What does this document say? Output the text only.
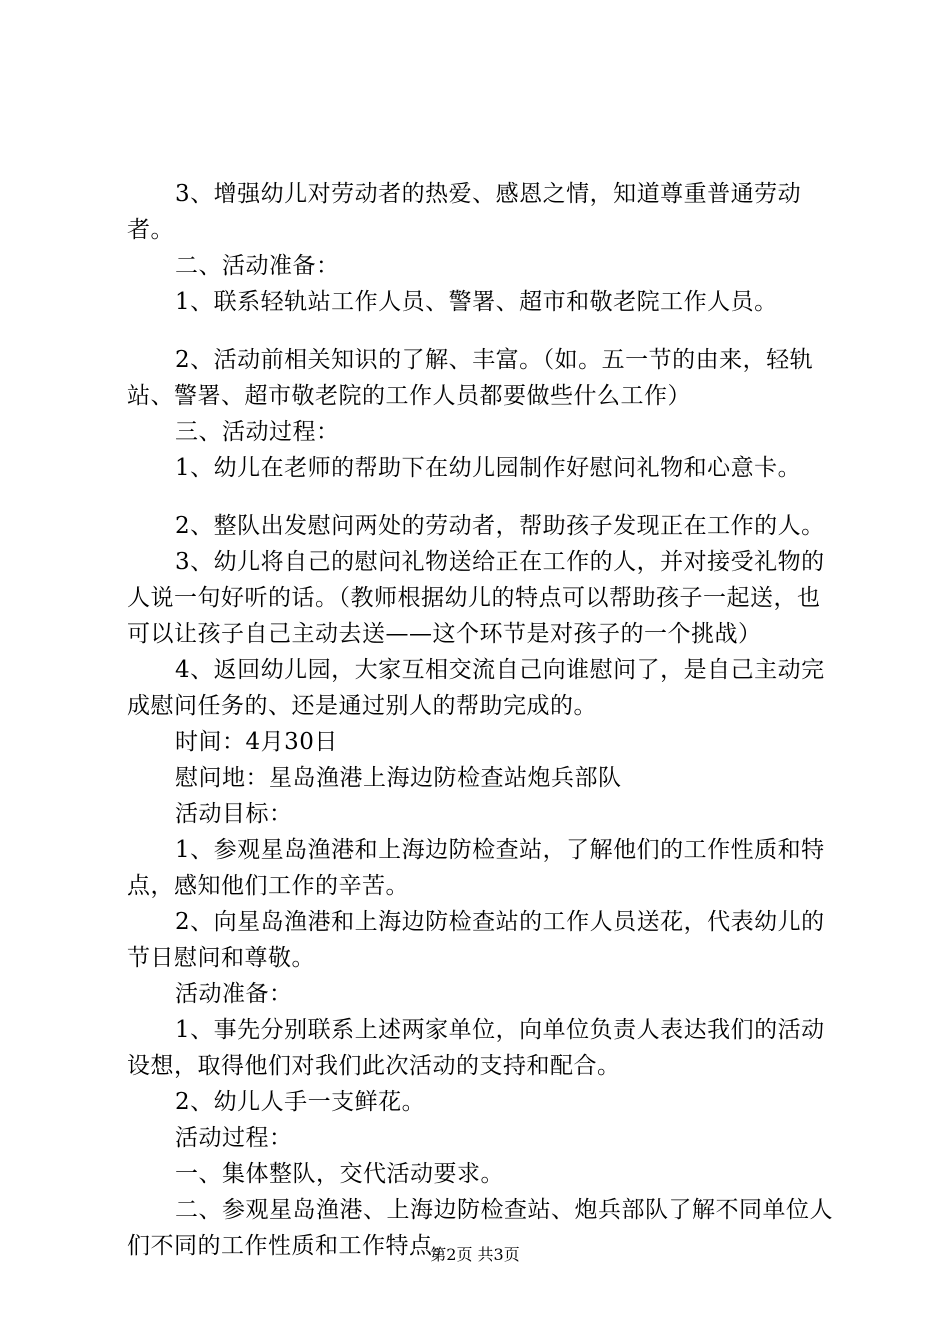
3、增强幼儿对劳动者的热爱、感恩之情，知道尊重普通劳动者。

二、活动准备：

1、联系轻轨站工作人员、警署、超市和敬老院工作人员。

2、活动前相关知识的了解、丰富。（如。五一节的由来，轻轨站、警署、超市敬老院的工作人员都要做些什么工作）

三、活动过程：

1、幼儿在老师的帮助下在幼儿园制作好慰问礼物和心意卡。

2、整队出发慰问两处的劳动者，帮助孩子发现正在工作的人。

3、幼儿将自己的慰问礼物送给正在工作的人，并对接受礼物的人说一句好听的话。（教师根据幼儿的特点可以帮助孩子一起送，也可以让孩子自己主动去送——这个环节是对孩子的一个挑战）

4、返回幼儿园，大家互相交流自己向谁慰问了，是自己主动完成慰问任务的、还是通过别人的帮助完成的。

时间：4月30日

慰问地：星岛渔港上海边防检查站炮兵部队

活动目标：

1、参观星岛渔港和上海边防检查站，了解他们的工作性质和特点，感知他们工作的辛苦。

2、向星岛渔港和上海边防检查站的工作人员送花，代表幼儿的节日慰问和尊敬。

活动准备：

1、事先分别联系上述两家单位，向单位负责人表达我们的活动设想，取得他们对我们此次活动的支持和配合。

2、幼儿人手一支鲜花。

活动过程：

一、集体整队，交代活动要求。

二、参观星岛渔港、上海边防检查站、炮兵部队了解不同单位人们不同的工作性质和工作特点。

第2页 共3页
